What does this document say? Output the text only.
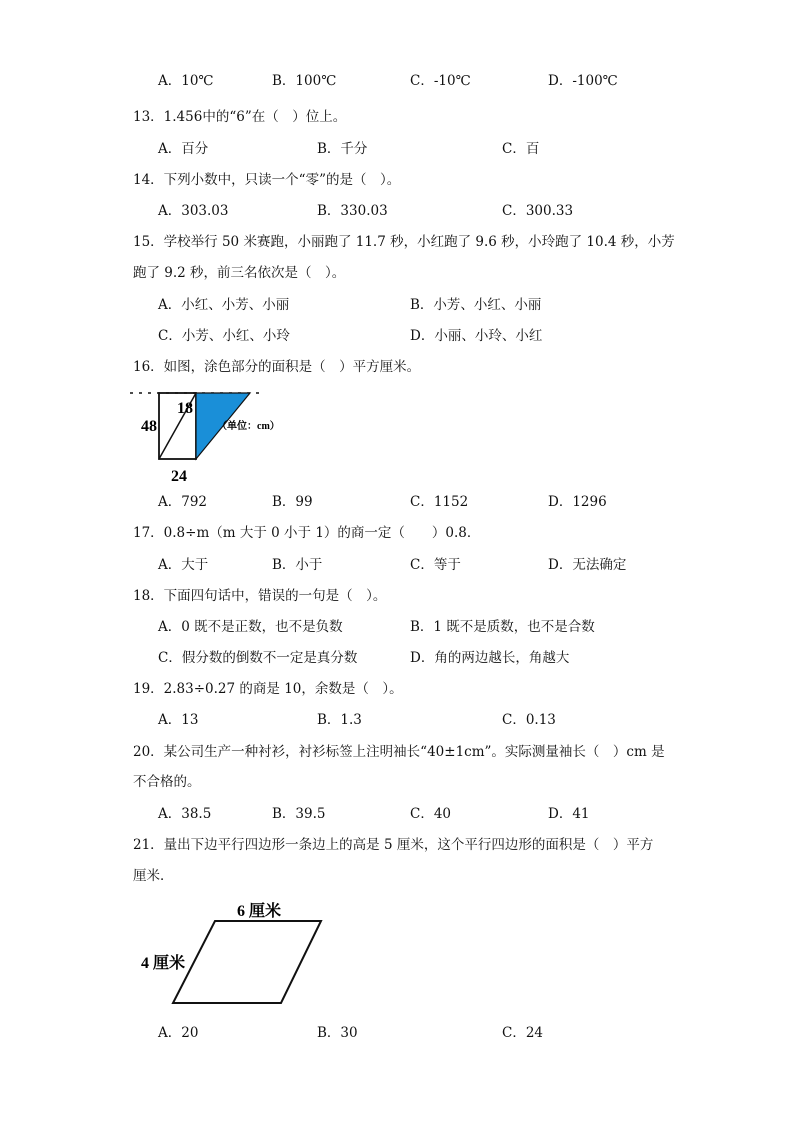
A．10℃	B．100℃	C．-10℃	D．-100℃
13．1.456中的“6”在（　）位上。
A．百分	B．千分	C．百
14．下列小数中，只读一个“零”的是（　）。
A．303.03	B．330.03	C．300.33
15．学校举行 50 米赛跑，小丽跑了 11.7 秒，小红跑了 9.6 秒，小玲跑了 10.4 秒，小芳
跑了 9.2 秒，前三名依次是（　）。
A．小红、小芳、小丽	B．小芳、小红、小丽
C．小芳、小红、小玲	D．小丽、小玲、小红
16．如图，涂色部分的面积是（　）平方厘米。
18
48
24
（单位：cm）
A．792	B．99	C．1152	D．1296
17．0.8÷m（m 大于 0 小于 1）的商一定（　　）0.8．
A．大于	B．小于	C．等于	D．无法确定
18．下面四句话中，错误的一句是（　）。
A．0 既不是正数，也不是负数	B．1 既不是质数，也不是合数
C．假分数的倒数不一定是真分数	D．角的两边越长，角越大
19．2.83÷0.27 的商是 10，余数是（　）。
A．13	B．1.3	C．0.13
20．某公司生产一种衬衫，衬衫标签上注明袖长“40±1cm”。实际测量袖长（　）cm 是
不合格的。
A．38.5	B．39.5	C．40	D．41
21．量出下边平行四边形一条边上的高是 5 厘米，这个平行四边形的面积是（　）平方
厘米．
6 厘米
4 厘米
A．20	B．30	C．24
